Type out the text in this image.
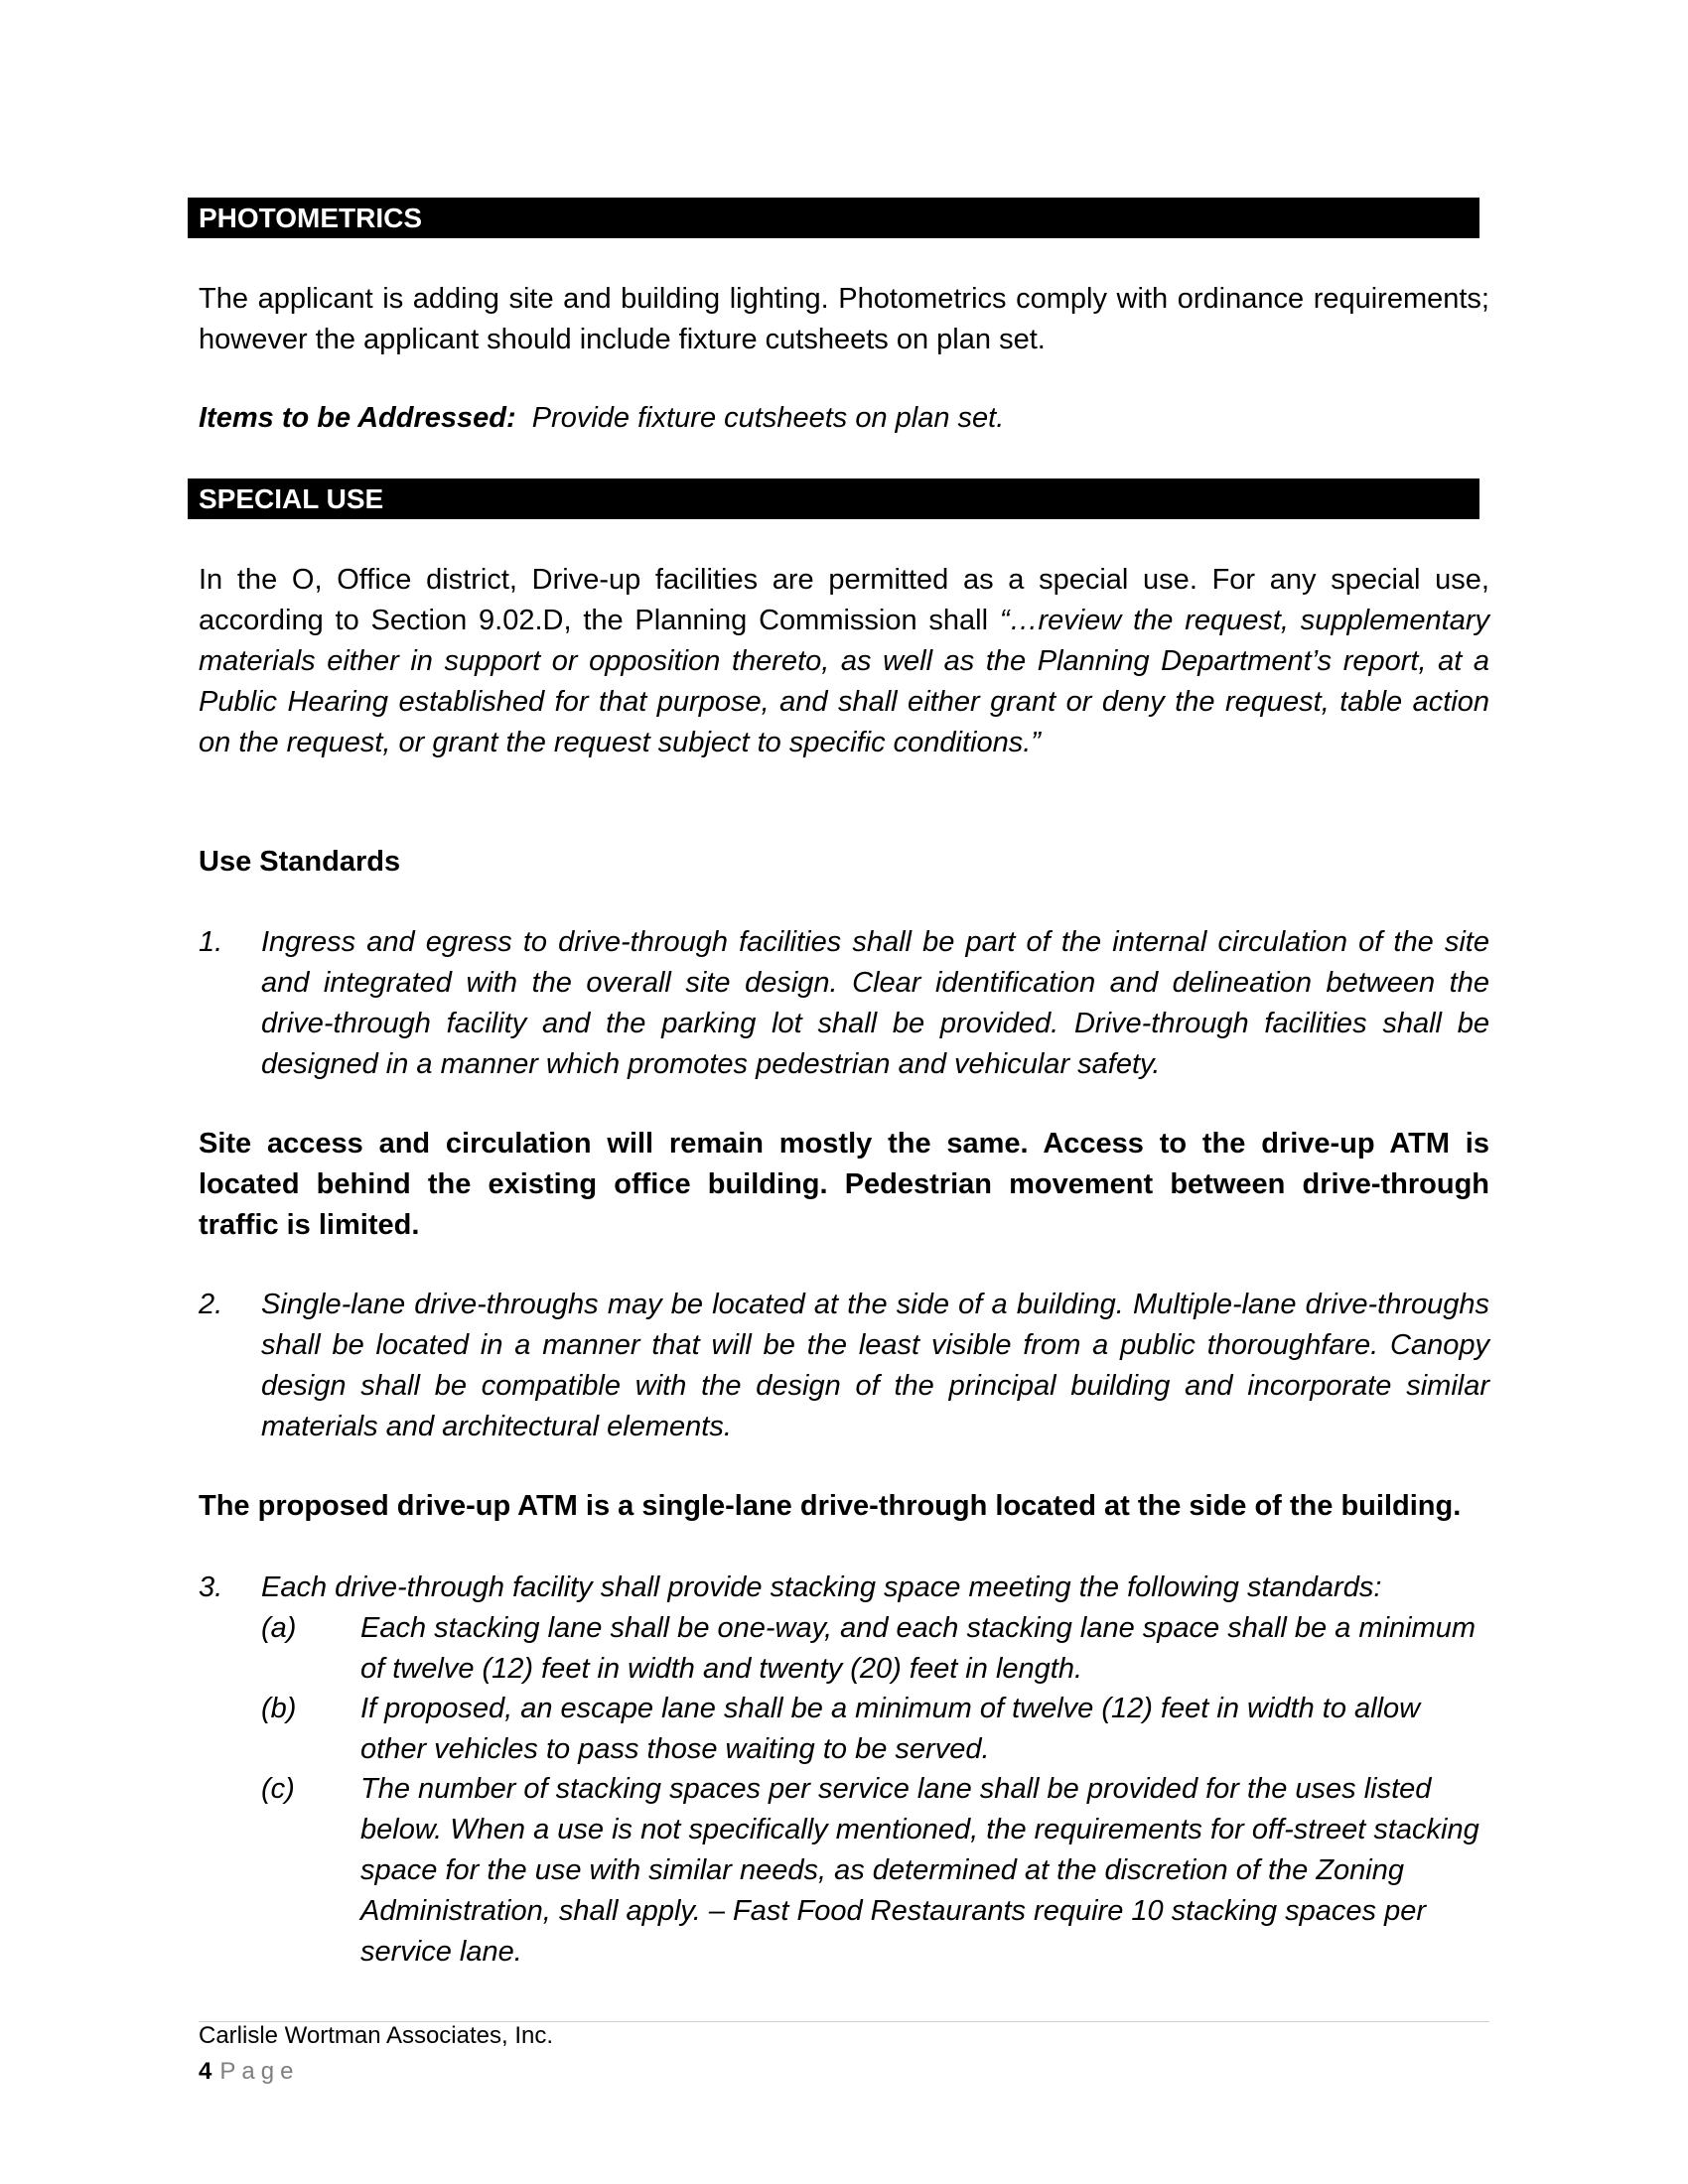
PHOTOMETRICS

The applicant is adding site and building lighting. Photometrics comply with ordinance requirements; however the applicant should include fixture cutsheets on plan set.

Items to be Addressed:  Provide fixture cutsheets on plan set.

SPECIAL USE

In the O, Office district, Drive-up facilities are permitted as a special use. For any special use, according to Section 9.02.D, the Planning Commission shall “…review the request, supplementary materials either in support or opposition thereto, as well as the Planning Department’s report, at a Public Hearing established for that purpose, and shall either grant or deny the request, table action on the request, or grant the request subject to specific conditions.”

Use Standards

1. Ingress and egress to drive-through facilities shall be part of the internal circulation of the site and integrated with the overall site design. Clear identification and delineation between the drive-through facility and the parking lot shall be provided. Drive-through facilities shall be designed in a manner which promotes pedestrian and vehicular safety.

Site access and circulation will remain mostly the same. Access to the drive-up ATM is located behind the existing office building. Pedestrian movement between drive-through traffic is limited.

2. Single-lane drive-throughs may be located at the side of a building. Multiple-lane drive-throughs shall be located in a manner that will be the least visible from a public thoroughfare. Canopy design shall be compatible with the design of the principal building and incorporate similar materials and architectural elements.

The proposed drive-up ATM is a single-lane drive-through located at the side of the building.

3. Each drive-through facility shall provide stacking space meeting the following standards:
(a) Each stacking lane shall be one-way, and each stacking lane space shall be a minimum of twelve (12) feet in width and twenty (20) feet in length.
(b) If proposed, an escape lane shall be a minimum of twelve (12) feet in width to allow other vehicles to pass those waiting to be served.
(c) The number of stacking spaces per service lane shall be provided for the uses listed below. When a use is not specifically mentioned, the requirements for off-street stacking space for the use with similar needs, as determined at the discretion of the Zoning Administration, shall apply. – Fast Food Restaurants require 10 stacking spaces per service lane.
Carlisle Wortman Associates, Inc.
4 Page
